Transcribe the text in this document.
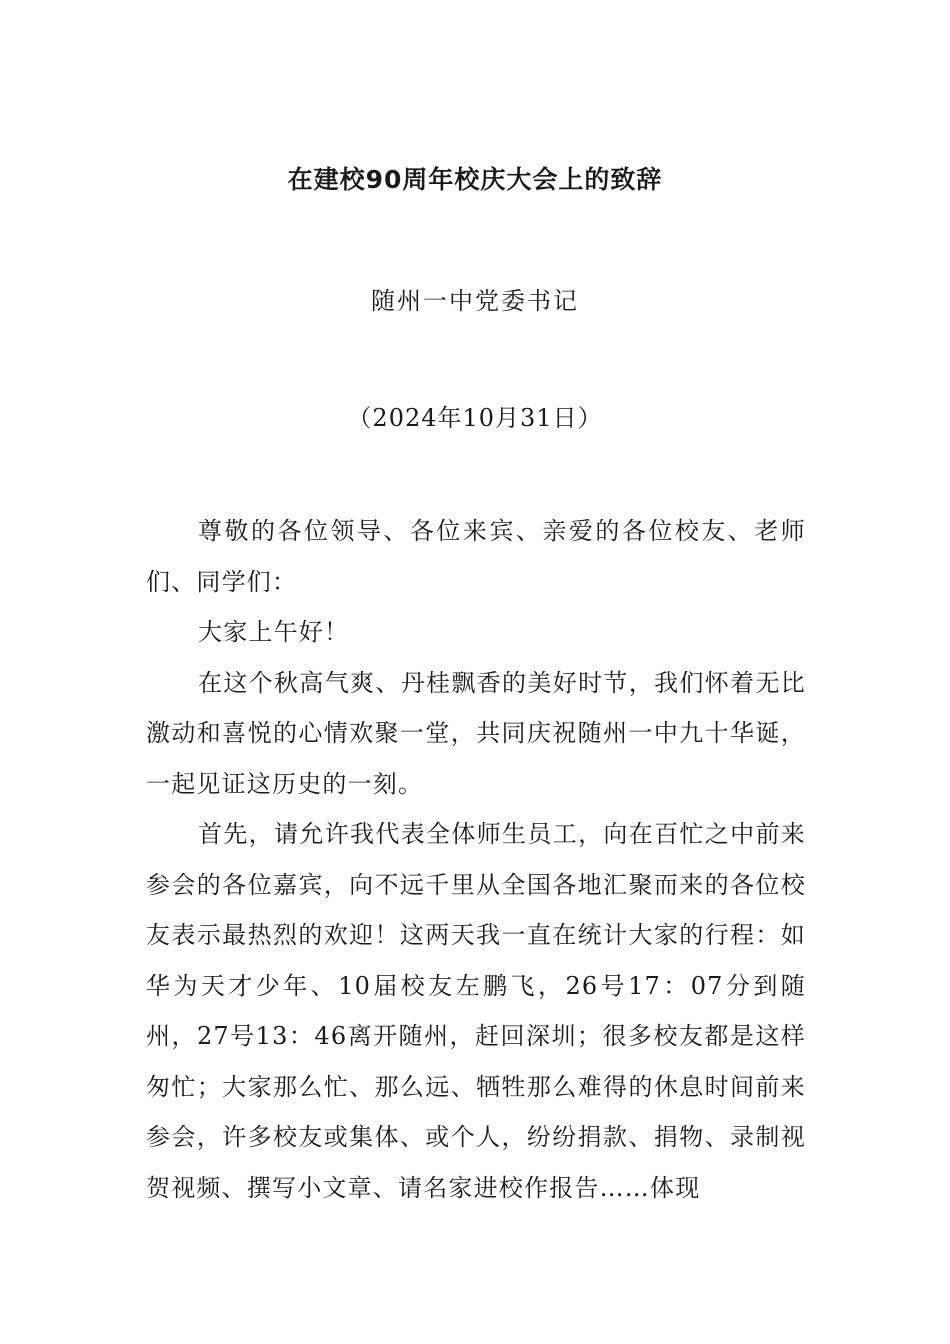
在建校90周年校庆大会上的致辞
随州一中党委书记
（2024年10月31日）

尊敬的各位领导、各位来宾、亲爱的各位校友、老师们、同学们：

大家上午好！

在这个秋高气爽、丹桂飘香的美好时节，我们怀着无比激动和喜悦的心情欢聚一堂，共同庆祝随州一中九十华诞，一起见证这历史的一刻。

首先，请允许我代表全体师生员工，向在百忙之中前来参会的各位嘉宾，向不远千里从全国各地汇聚而来的各位校友表示最热烈的欢迎！这两天我一直在统计大家的行程：如华为天才少年、10届校友左鹏飞，26号17：07分到随州，27号13：46离开随州，赶回深圳；很多校友都是这样匆忙；大家那么忙、那么远、牺牲那么难得的休息时间前来参会，许多校友或集体、或个人，纷纷捐款、捐物、录制视贺视频、撰写小文章、请名家进校作报告……体现
